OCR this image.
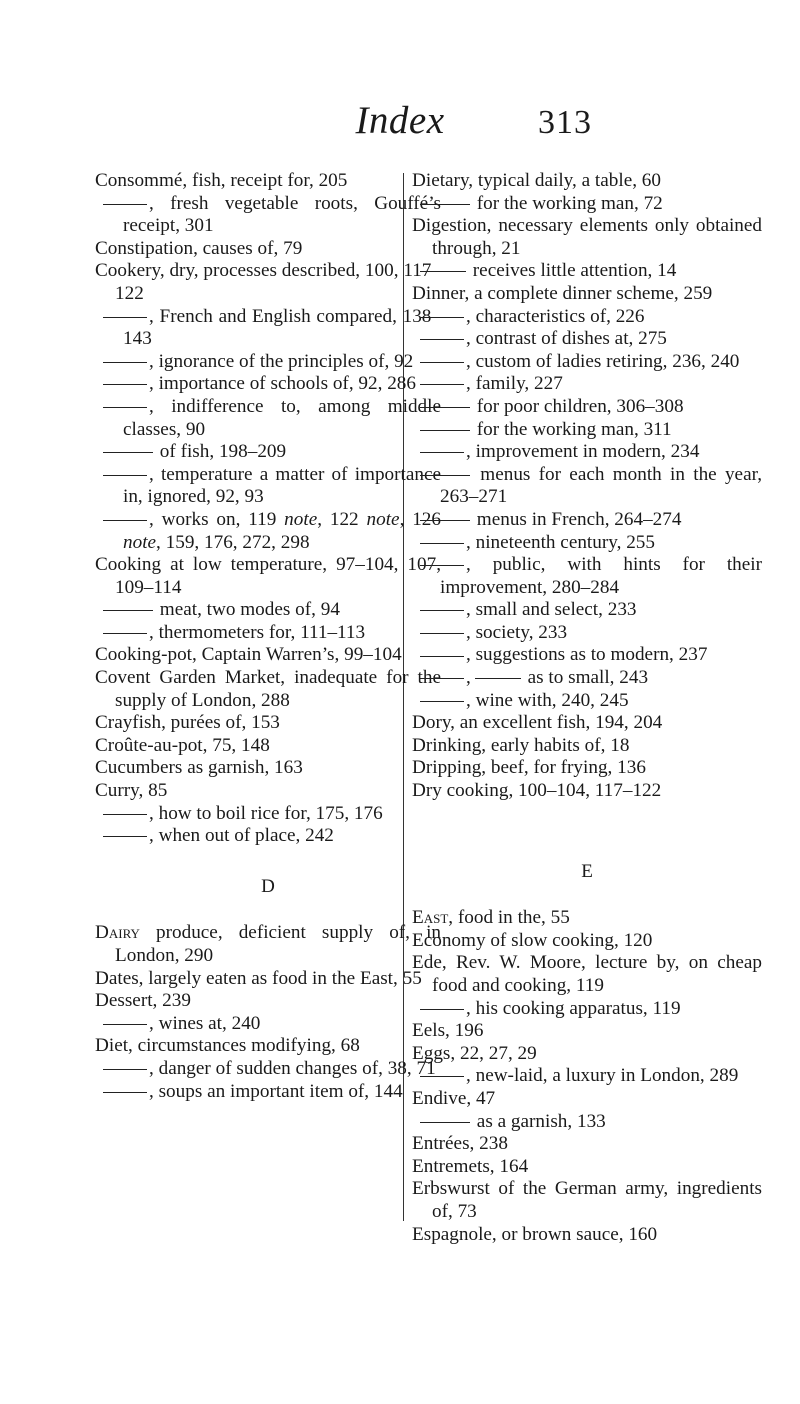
Index	313
Consommé, fish, receipt for, 205
, fresh vegetable roots, Gouffé’s receipt, 301
Constipation, causes of, 79
Cookery, dry, processes described, 100, 117–122
, French and English compared, 138–143
, ignorance of the principles of, 92
, importance of schools of, 92, 286
, indifference to, among middle classes, 90
of fish, 198–209
, temperature a matter of importance in, ignored, 92, 93
, works on, 119 note, 122 note, 126 note, 159, 176, 272, 298
Cooking at low temperature, 97–104, 107, 109–114
meat, two modes of, 94
, thermometers for, 111–113
Cooking-pot, Captain Warren’s, 99–104
Covent Garden Market, inadequate for the supply of London, 288
Crayfish, purées of, 153
Croûte-au-pot, 75, 148
Cucumbers as garnish, 163
Curry, 85
, how to boil rice for, 175, 176
, when out of place, 242
D
Dairy produce, deficient supply of, in London, 290
Dates, largely eaten as food in the East, 55
Dessert, 239
, wines at, 240
Diet, circumstances modifying, 68
, danger of sudden changes of, 38, 71
, soups an important item of, 144
Dietary, typical daily, a table, 60
for the working man, 72
Digestion, necessary elements only obtained through, 21
receives little attention, 14
Dinner, a complete dinner scheme, 259
, characteristics of, 226
, contrast of dishes at, 275
, custom of ladies retiring, 236, 240
, family, 227
for poor children, 306–308
for the working man, 311
, improvement in modern, 234
menus for each month in the year, 263–271
menus in French, 264–274
, nineteenth century, 255
, public, with hints for their improvement, 280–284
, small and select, 233
, society, 233
, suggestions as to modern, 237
,	as to small, 243
, wine with, 240, 245
Dory, an excellent fish, 194, 204
Drinking, early habits of, 18
Dripping, beef, for frying, 136
Dry cooking, 100–104, 117–122
E
East, food in the, 55
Economy of slow cooking, 120
Ede, Rev. W. Moore, lecture by, on cheap food and cooking, 119
, his cooking apparatus, 119
Eels, 196
Eggs, 22, 27, 29
, new-laid, a luxury in London, 289
Endive, 47
as a garnish, 133
Entrées, 238
Entremets, 164
Erbswurst of the German army, ingredients of, 73
Espagnole, or brown sauce, 160
